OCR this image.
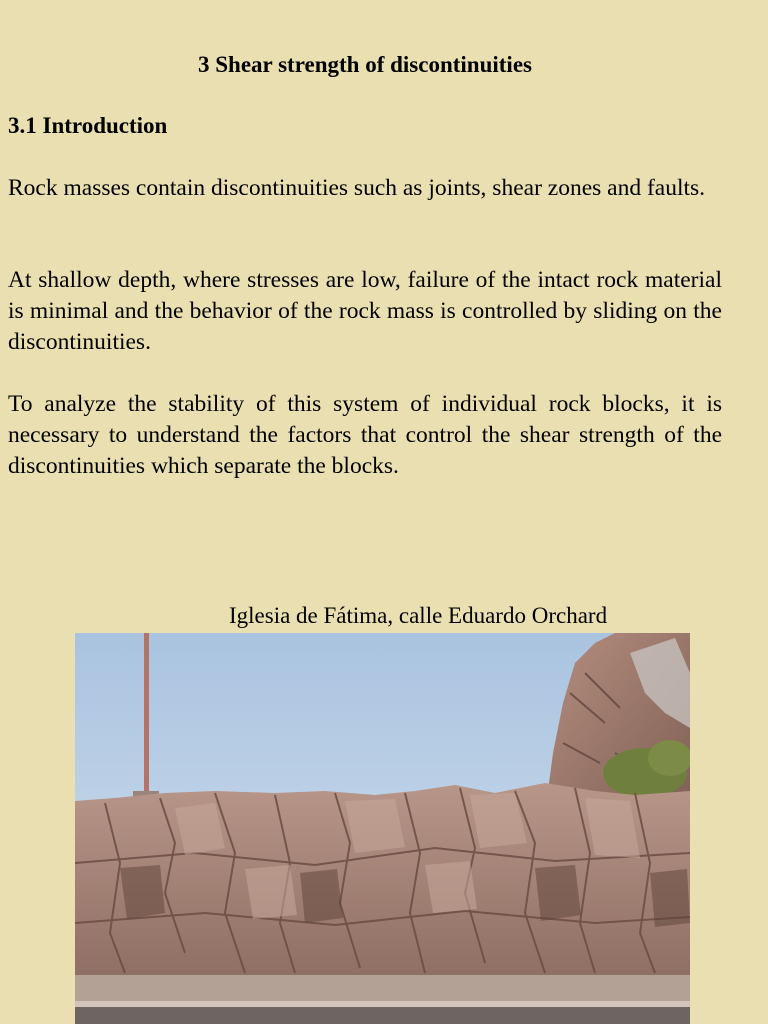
3 Shear strength of discontinuities
3.1 Introduction

Rock masses contain discontinuities such as joints, shear zones and faults.

At shallow depth, where stresses are low, failure of the intact rock material is minimal and the behavior of the rock mass is controlled by sliding on the discontinuities.

To analyze the stability of this system of individual rock blocks, it is necessary to understand the factors that control the shear strength of the discontinuities which separate the blocks.

Iglesia de Fátima, calle Eduardo Orchard
